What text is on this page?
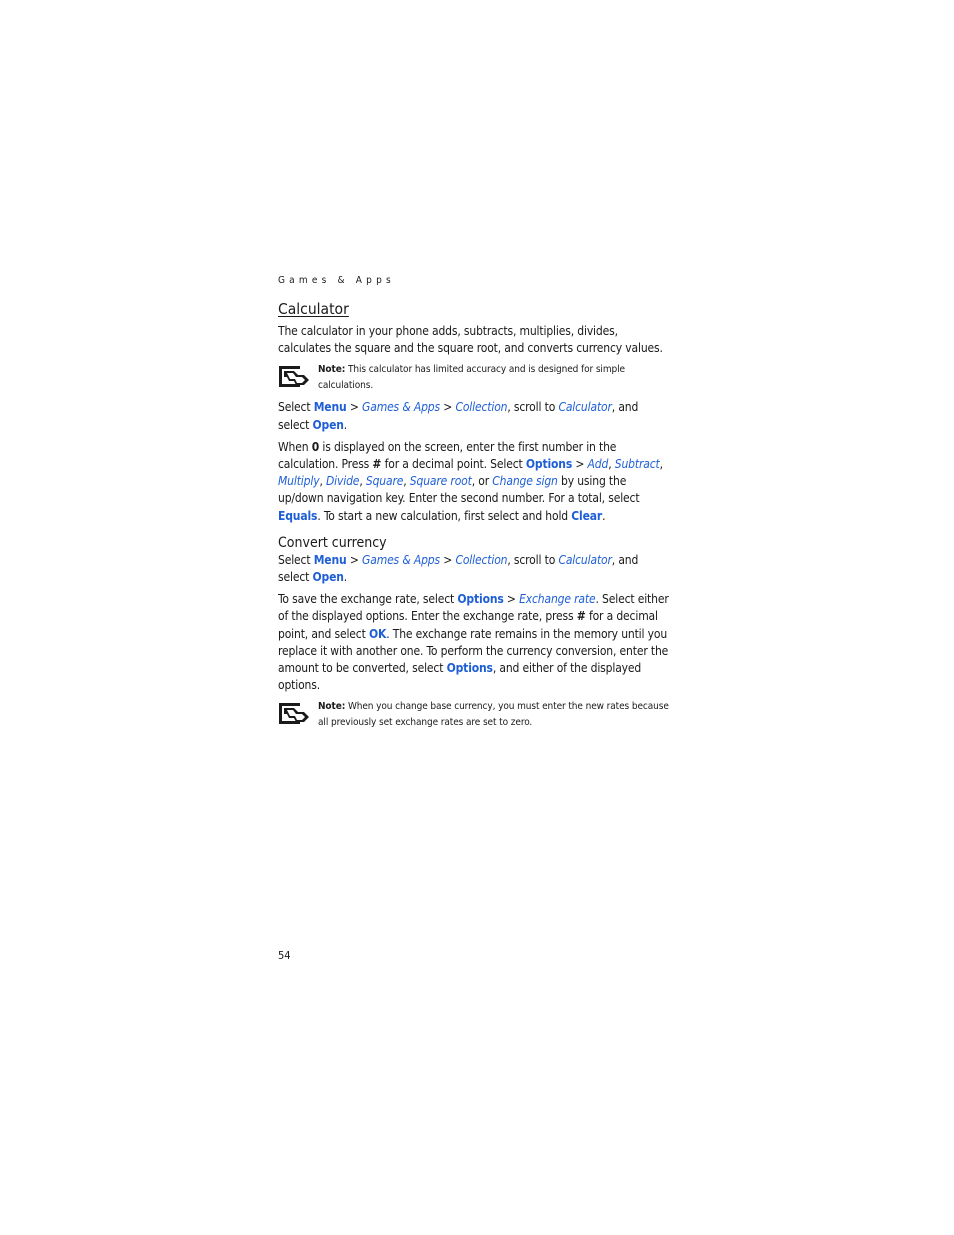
Games & Apps
Calculator

The calculator in your phone adds, subtracts, multiplies, divides, calculates the square and the square root, and converts currency values.

Note: This calculator has limited accuracy and is designed for simple calculations.

Select Menu > Games & Apps > Collection, scroll to Calculator, and select Open.

When 0 is displayed on the screen, enter the first number in the calculation. Press # for a decimal point. Select Options > Add, Subtract, Multiply, Divide, Square, Square root, or Change sign by using the up/down navigation key. Enter the second number. For a total, select Equals. To start a new calculation, first select and hold Clear.

Convert currency

Select Menu > Games & Apps > Collection, scroll to Calculator, and select Open.

To save the exchange rate, select Options > Exchange rate. Select either of the displayed options. Enter the exchange rate, press # for a decimal point, and select OK. The exchange rate remains in the memory until you replace it with another one. To perform the currency conversion, enter the amount to be converted, select Options, and either of the displayed options.

Note: When you change base currency, you must enter the new rates because all previously set exchange rates are set to zero.
54
